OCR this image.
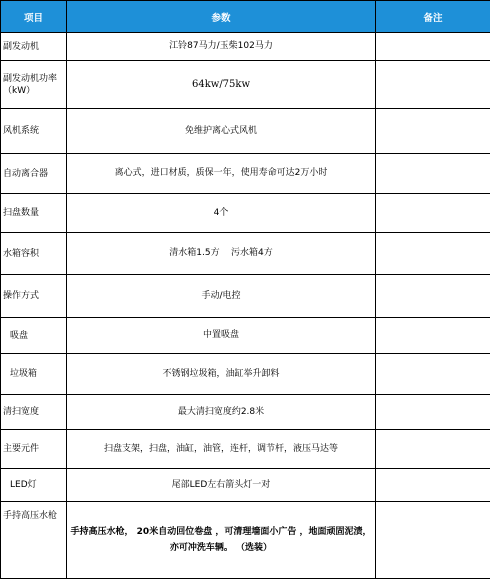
项目	参数	备注
副发动机	江铃87马力/玉柴102马力	
副发动机功率（kW）	64kw/75kw	
风机系统	免维护离心式风机	
自动离合器	离心式，进口材质，质保一年，使用寿命可达2万小时	
扫盘数量	4个	
水箱容积	清水箱1.5方    污水箱4方	
操作方式	手动/电控	
吸盘	中置吸盘	
垃圾箱	不锈钢垃圾箱，油缸举升卸料	
清扫宽度	最大清扫宽度约2.8米	
主要元件	扫盘支架，扫盘，油缸，油管，连杆，调节杆，液压马达等	
LED灯	尾部LED左右箭头灯一对	
手持高压水枪	手持高压水枪， 20米自动回位卷盘 ，可清理墙面小广告 ，地面顽固泥渍，亦可冲洗车辆。 （选装）	
